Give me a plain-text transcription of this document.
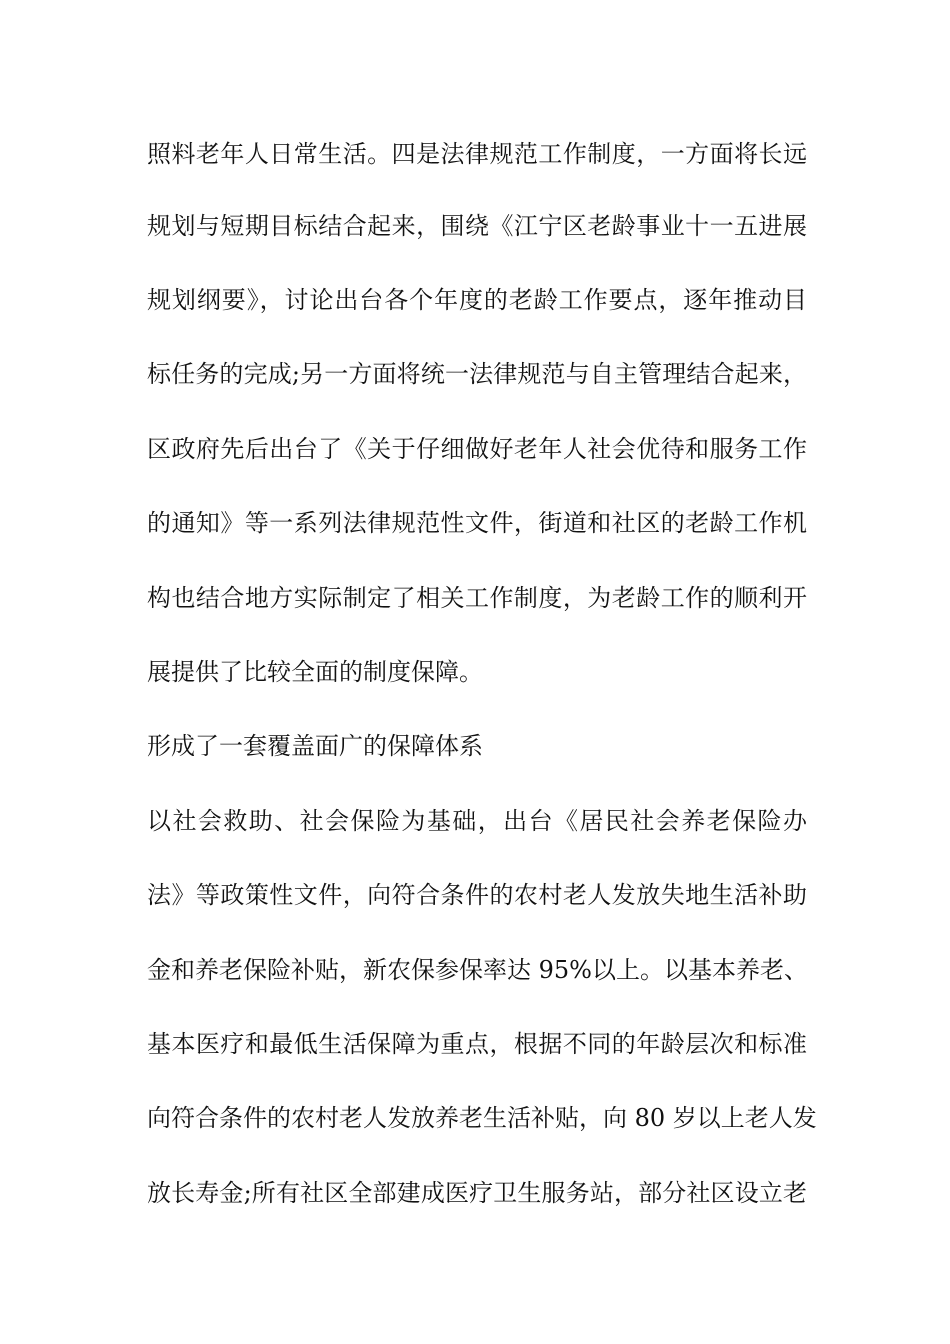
照料老年人日常生活。四是法律规范工作制度，一方面将长远
规划与短期目标结合起来，围绕《江宁区老龄事业十一五进展
规划纲要》，讨论出台各个年度的老龄工作要点，逐年推动目
标任务的完成;另一方面将统一法律规范与自主管理结合起来，
区政府先后出台了《关于仔细做好老年人社会优待和服务工作
的通知》等一系列法律规范性文件，街道和社区的老龄工作机
构也结合地方实际制定了相关工作制度，为老龄工作的顺利开
展提供了比较全面的制度保障。
形成了一套覆盖面广的保障体系
以社会救助、社会保险为基础，出台《居民社会养老保险办
法》等政策性文件，向符合条件的农村老人发放失地生活补助
金和养老保险补贴，新农保参保率达 95%以上。以基本养老、
基本医疗和最低生活保障为重点，根据不同的年龄层次和标准
向符合条件的农村老人发放养老生活补贴，向 80 岁以上老人发
放长寿金;所有社区全部建成医疗卫生服务站，部分社区设立老
